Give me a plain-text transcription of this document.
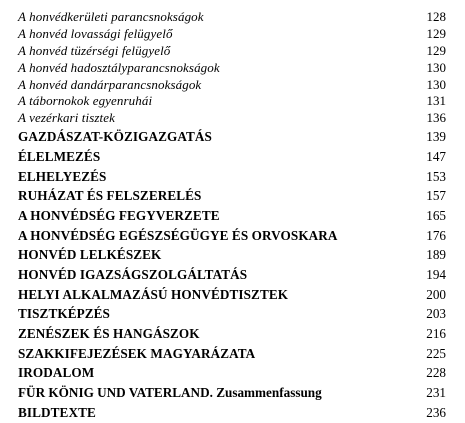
A honvédkerületi parancsnokságok	128
A honvéd lovassági felügyelő	129
A honvéd tüzérségi felügyelő	129
A honvéd hadosztályparancsnokságok	130
A honvéd dandárparancsnokságok	130
A tábornokok egyenruhái	131
A vezérkari tisztek	136
GAZDÁSZAT-KÖZIGAZGATÁS	139
ÉLELMEZÉS	147
ELHELYEZÉS	153
RUHÁZAT ÉS FELSZERELÉS	157
A HONVÉDSÉG FEGYVERZETE	165
A HONVÉDSÉG EGÉSZSÉGÜGYE ÉS ORVOSKARA	176
HONVÉD LELKÉSZEK	189
HONVÉD IGAZSÁGSZOLGÁLTATÁS	194
HELYI ALKALMAZÁSÚ HONVÉDTISZTEK	200
TISZTKÉPZÉS	203
ZENÉSZEK ÉS HANGÁSZOK	216
SZAKKIFEJEZÉSEK MAGYARÁZATA	225
IRODALOM	228
FÜR KÖNIG UND VATERLAND. Zusammenfassung	231
BILDTEXTE	236
